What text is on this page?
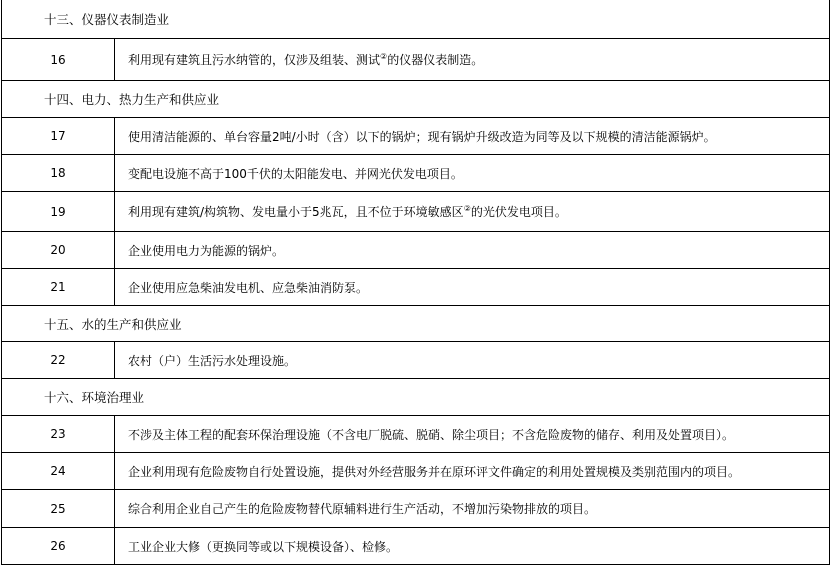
十三、仪器仪表制造业
16	利用现有建筑且污水纳管的，仅涉及组装、测试②的仪器仪表制造。
十四、电力、热力生产和供应业
17	使用清洁能源的、单台容量2吨/小时（含）以下的锅炉；现有锅炉升级改造为同等及以下规模的清洁能源锅炉。
18	变配电设施不高于100千伏的太阳能发电、并网光伏发电项目。
19	利用现有建筑/构筑物、发电量小于5兆瓦，且不位于环境敏感区②的光伏发电项目。
20	企业使用电力为能源的锅炉。
21	企业使用应急柴油发电机、应急柴油消防泵。
十五、水的生产和供应业
22	农村（户）生活污水处理设施。
十六、环境治理业
23	不涉及主体工程的配套环保治理设施（不含电厂脱硫、脱硝、除尘项目；不含危险废物的储存、利用及处置项目）。
24	企业利用现有危险废物自行处置设施，提供对外经营服务并在原环评文件确定的利用处置规模及类别范围内的项目。
25	综合利用企业自己产生的危险废物替代原辅料进行生产活动，不增加污染物排放的项目。
26	工业企业大修（更换同等或以下规模设备）、检修。
